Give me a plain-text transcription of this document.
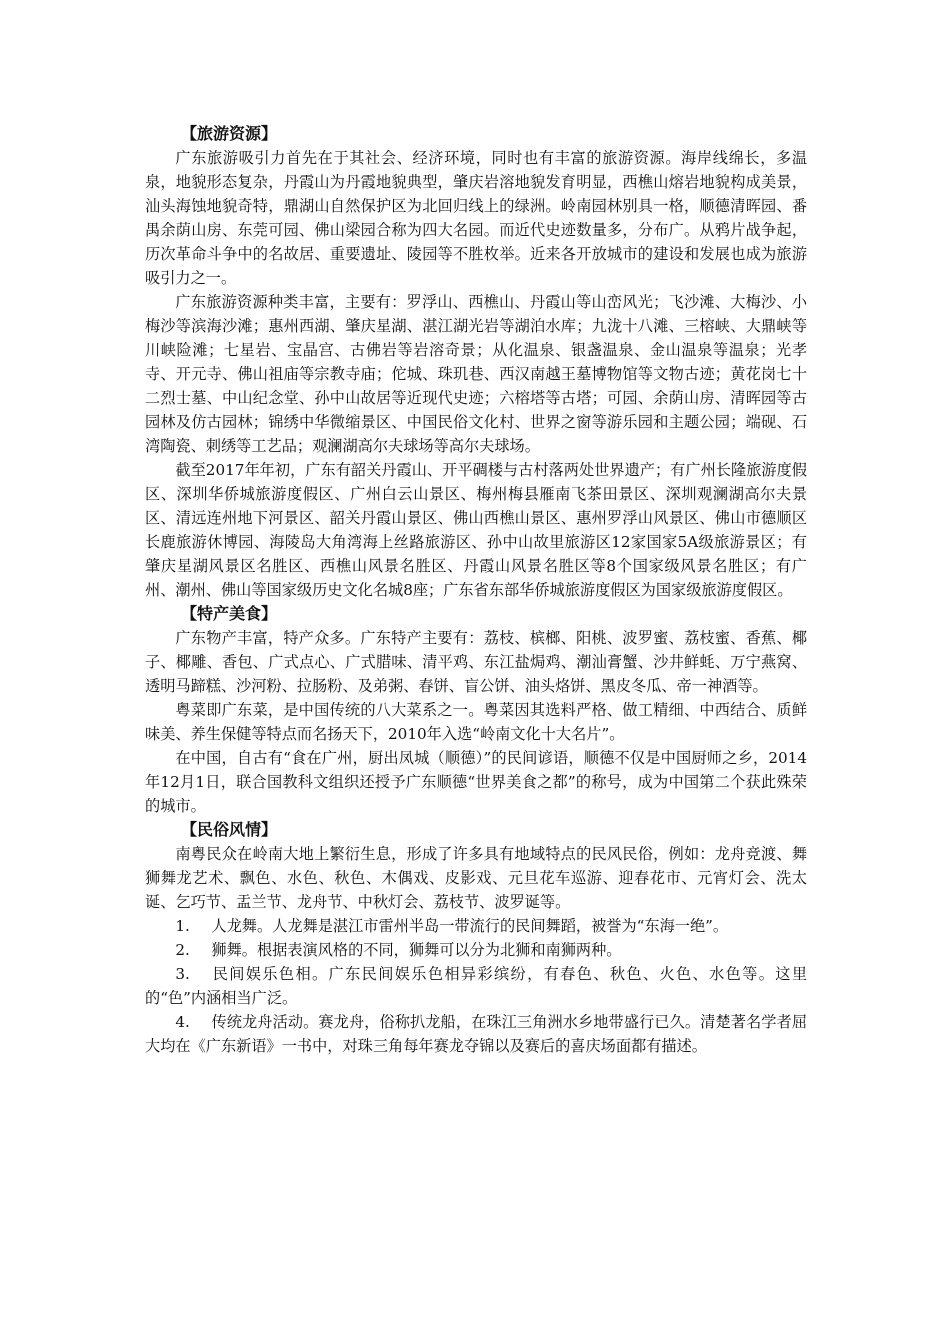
【旅游资源】

广东旅游吸引力首先在于其社会、经济环境，同时也有丰富的旅游资源。海岸线绵长，多温泉，地貌形态复杂，丹霞山为丹霞地貌典型，肇庆岩溶地貌发育明显，西樵山熔岩地貌构成美景，汕头海蚀地貌奇特，鼎湖山自然保护区为北回归线上的绿洲。岭南园林别具一格，顺德清晖园、番禺余荫山房、东莞可园、佛山梁园合称为四大名园。而近代史迹数量多，分布广。从鸦片战争起，历次革命斗争中的名故居、重要遗址、陵园等不胜枚举。近来各开放城市的建设和发展也成为旅游吸引力之一。

广东旅游资源种类丰富，主要有：罗浮山、西樵山、丹霞山等山峦风光；飞沙滩、大梅沙、小梅沙等滨海沙滩；惠州西湖、肇庆星湖、湛江湖光岩等湖泊水库；九泷十八滩、三榕峡、大鼎峡等川峡险滩；七星岩、宝晶宫、古佛岩等岩溶奇景；从化温泉、银盏温泉、金山温泉等温泉；光孝寺、开元寺、佛山祖庙等宗教寺庙；佗城、珠玑巷、西汉南越王墓博物馆等文物古迹；黄花岗七十二烈士墓、中山纪念堂、孙中山故居等近现代史迹；六榕塔等古塔；可园、余荫山房、清晖园等古园林及仿古园林；锦绣中华微缩景区、中国民俗文化村、世界之窗等游乐园和主题公园；端砚、石湾陶瓷、刺绣等工艺品；观澜湖高尔夫球场等高尔夫球场。

截至2017年年初，广东有韶关丹霞山、开平碉楼与古村落两处世界遗产；有广州长隆旅游度假区、深圳华侨城旅游度假区、广州白云山景区、梅州梅县雁南飞茶田景区、深圳观澜湖高尔夫景区、清远连州地下河景区、韶关丹霞山景区、佛山西樵山景区、惠州罗浮山风景区、佛山市德顺区长鹿旅游休博园、海陵岛大角湾海上丝路旅游区、孙中山故里旅游区12家国家5A级旅游景区；有肇庆星湖风景区名胜区、西樵山风景名胜区、丹霞山风景名胜区等8个国家级风景名胜区；有广州、潮州、佛山等国家级历史文化名城8座；广东省东部华侨城旅游度假区为国家级旅游度假区。

【特产美食】

广东物产丰富，特产众多。广东特产主要有：荔枝、槟榔、阳桃、波罗蜜、荔枝蜜、香蕉、椰子、椰雕、香包、广式点心、广式腊味、清平鸡、东江盐焗鸡、潮汕膏蟹、沙井鲜蚝、万宁燕窝、透明马蹄糕、沙河粉、拉肠粉、及弟粥、春饼、盲公饼、油头烙饼、黑皮冬瓜、帝一神酒等。

粤菜即广东菜，是中国传统的八大菜系之一。粤菜因其选料严格、做工精细、中西结合、质鲜味美、养生保健等特点而名扬天下，2010年入选“岭南文化十大名片”。

在中国，自古有“食在广州，厨出凤城（顺德）”的民间谚语，顺德不仅是中国厨师之乡，2014年12月1日，联合国教科文组织还授予广东顺德“世界美食之都”的称号，成为中国第二个获此殊荣的城市。

【民俗风情】

南粤民众在岭南大地上繁衍生息，形成了许多具有地域特点的民风民俗，例如：龙舟竞渡、舞狮舞龙艺术、飘色、水色、秋色、木偶戏、皮影戏、元旦花车巡游、迎春花市、元宵灯会、洗太诞、乞巧节、盂兰节、龙舟节、中秋灯会、荔枝节、波罗诞等。

1. 人龙舞。人龙舞是湛江市雷州半岛一带流行的民间舞蹈，被誉为“东海一绝”。

2. 狮舞。根据表演风格的不同，狮舞可以分为北狮和南狮两种。

3. 民间娱乐色相。广东民间娱乐色相异彩缤纷，有春色、秋色、火色、水色等。这里的“色”内涵相当广泛。

4. 传统龙舟活动。赛龙舟，俗称扒龙船，在珠江三角洲水乡地带盛行已久。清楚著名学者屈大均在《广东新语》一书中，对珠三角每年赛龙夺锦以及赛后的喜庆场面都有描述。
